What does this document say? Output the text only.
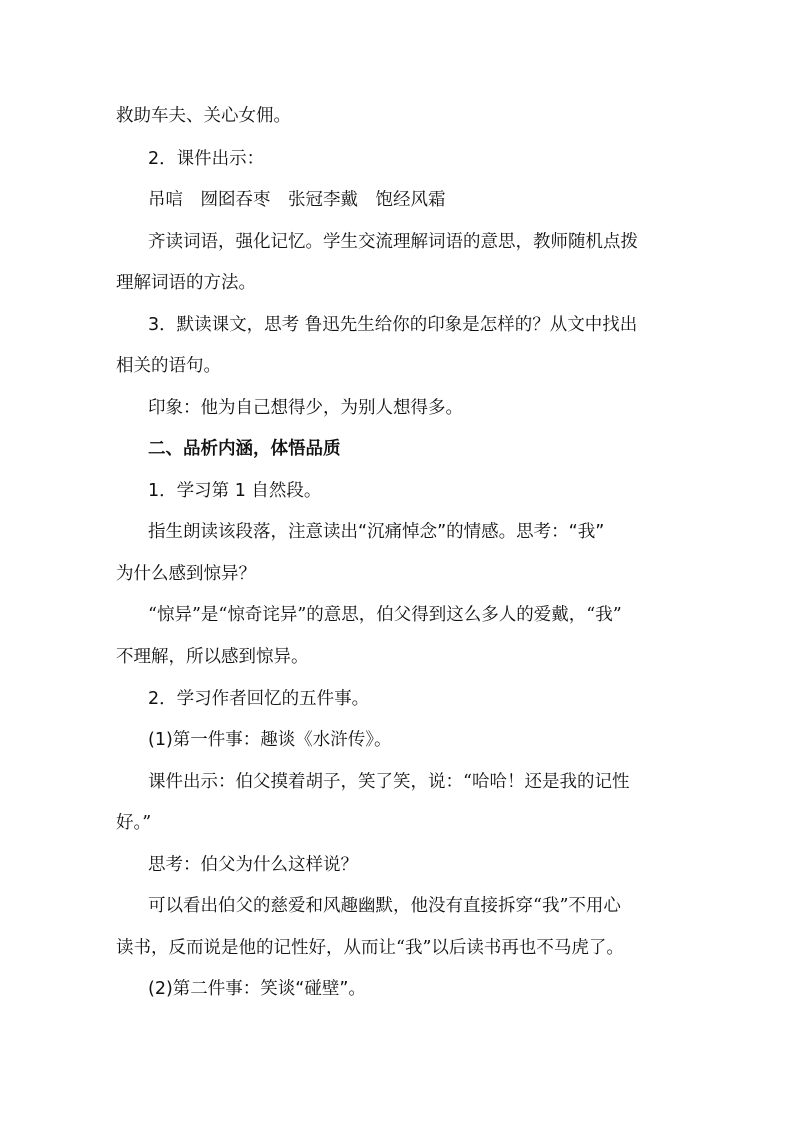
救助车夫、关心女佣。
2．课件出示：
吊唁　囫囵吞枣　张冠李戴　饱经风霜
齐读词语，强化记忆。学生交流理解词语的意思，教师随机点拨
理解词语的方法。
3．默读课文，思考 鲁迅先生给你的印象是怎样的？从文中找出
相关的语句。
印象：他为自己想得少，为别人想得多。
二、品析内涵，体悟品质
1．学习第 1 自然段。
指生朗读该段落，注意读出“沉痛悼念”的情感。思考：“我”
为什么感到惊异？
“惊异”是“惊奇诧异”的意思，伯父得到这么多人的爱戴，“我”
不理解，所以感到惊异。
2．学习作者回忆的五件事。
(1)第一件事：趣谈《水浒传》。
课件出示：伯父摸着胡子，笑了笑，说：“哈哈！还是我的记性
好。”
思考：伯父为什么这样说？
可以看出伯父的慈爱和风趣幽默，他没有直接拆穿“我”不用心
读书，反而说是他的记性好，从而让“我”以后读书再也不马虎了。
(2)第二件事：笑谈“碰壁”。
